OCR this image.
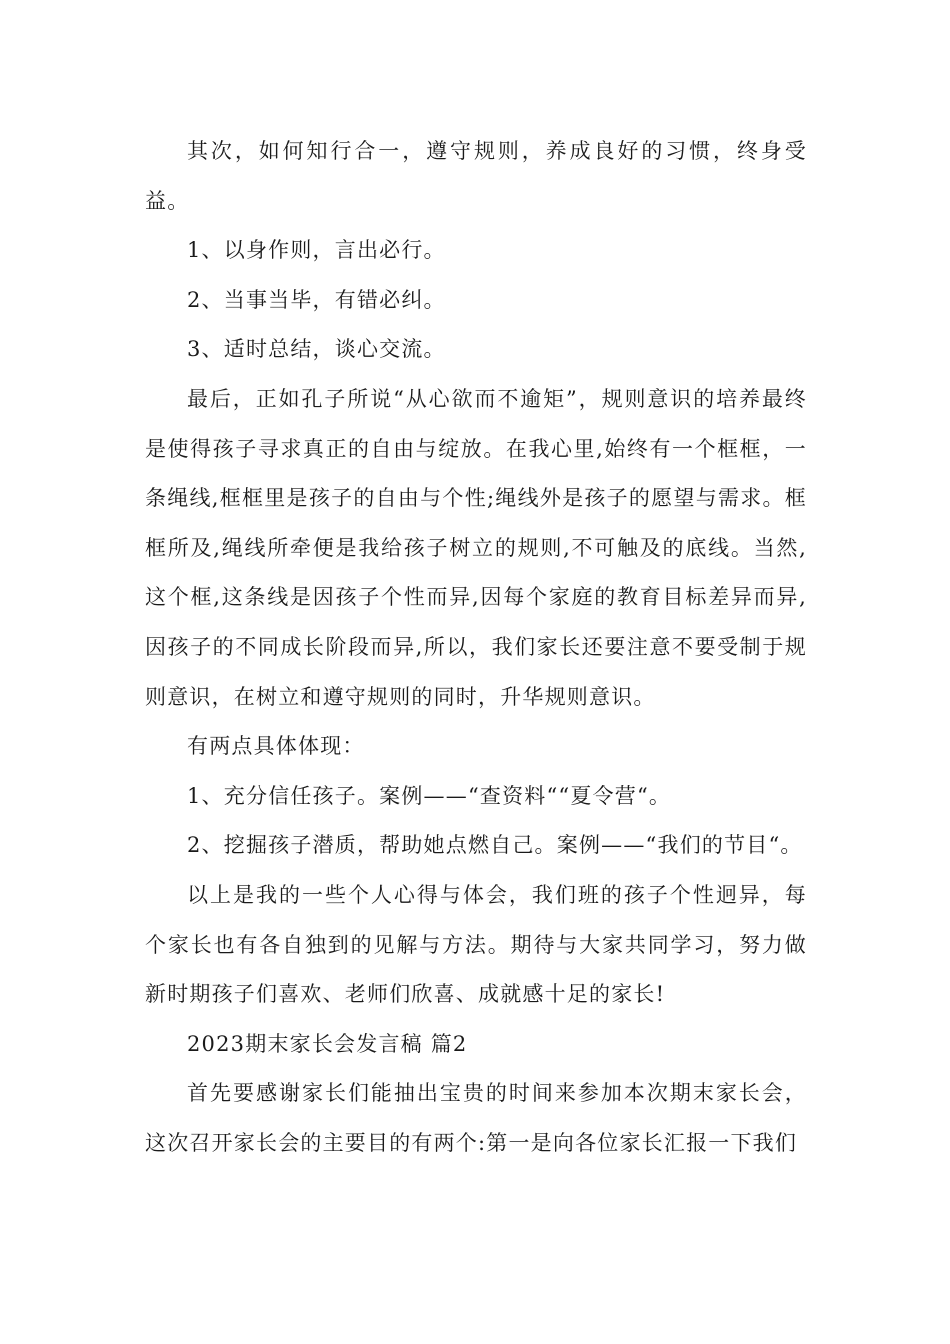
其次，如何知行合一，遵守规则，养成良好的习惯，终身受益。

1、以身作则，言出必行。

2、当事当毕，有错必纠。

3、适时总结，谈心交流。

最后，正如孔子所说“从心欲而不逾矩”，规则意识的培养最终是使得孩子寻求真正的自由与绽放。在我心里,始终有一个框框，一条绳线,框框里是孩子的自由与个性;绳线外是孩子的愿望与需求。框框所及,绳线所牵便是我给孩子树立的规则,不可触及的底线。当然,这个框,这条线是因孩子个性而异,因每个家庭的教育目标差异而异,因孩子的不同成长阶段而异,所以，我们家长还要注意不要受制于规则意识，在树立和遵守规则的同时，升华规则意识。

有两点具体体现：

1、充分信任孩子。案例——“查资料““夏令营“。

2、挖掘孩子潜质，帮助她点燃自己。案例——“我们的节目“。

以上是我的一些个人心得与体会，我们班的孩子个性迥异，每个家长也有各自独到的见解与方法。期待与大家共同学习，努力做新时期孩子们喜欢、老师们欣喜、成就感十足的家长!

2023期末家长会发言稿 篇2

首先要感谢家长们能抽出宝贵的时间来参加本次期末家长会，这次召开家长会的主要目的有两个:第一是向各位家长汇报一下我们
